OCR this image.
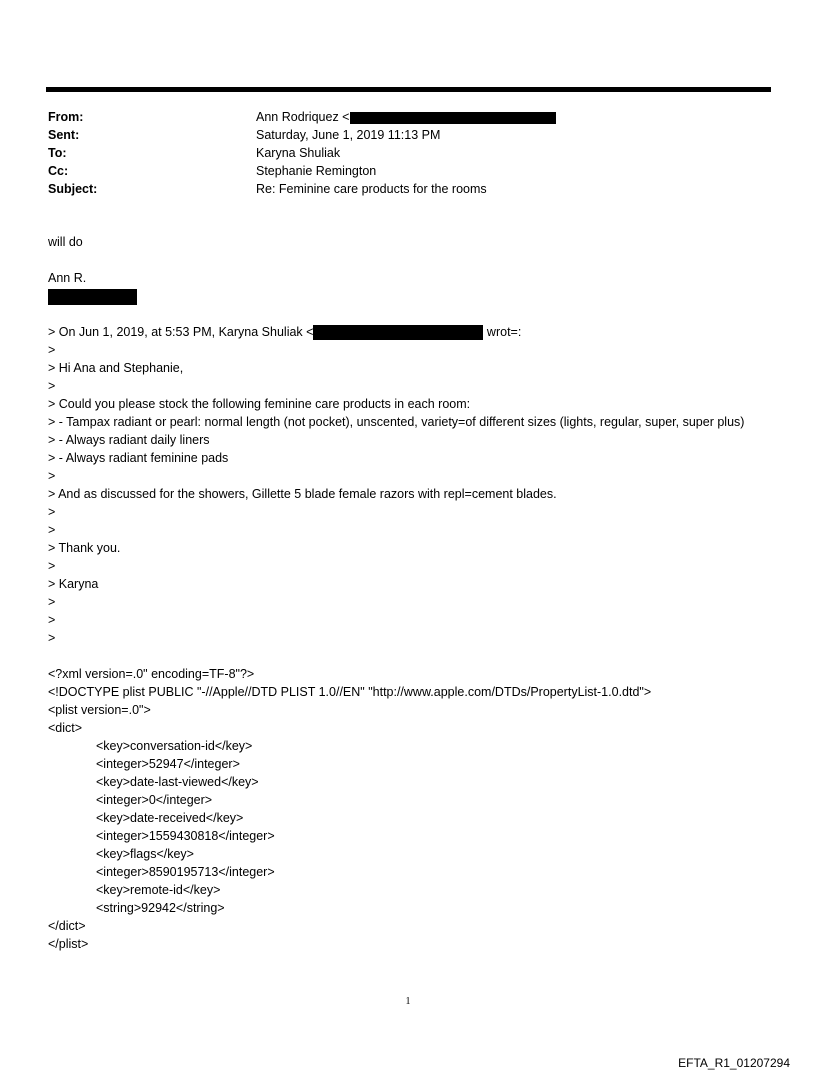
From:	Ann Rodriquez <
Sent:	Saturday, June 1, 2019 11:13 PM
To:	Karyna Shuliak
Cc:	Stephanie Remington
Subject:	Re: Feminine care products for the rooms
will do
Ann R.
> On Jun 1, 2019, at 5:53 PM, Karyna Shuliak <	wrot=:
>
> Hi Ana and Stephanie,
>
> Could you please stock the following feminine care products in each room:
> - Tampax radiant or pearl: normal length (not pocket), unscented, variety=of different sizes (lights, regular, super, super plus)
> - Always radiant daily liners
> - Always radiant feminine pads
>
> And as discussed for the showers, Gillette 5 blade female razors with repl=cement blades.
>
>
> Thank you.
>
> Karyna
>
>
>
<?xml version=.0" encoding=TF-8"?>
<!DOCTYPE plist PUBLIC "-//Apple//DTD PLIST 1.0//EN" "http://www.apple.com/DTDs/PropertyList-1.0.dtd">
<plist version=.0">
<dict>
<key>conversation-id</key>
<integer>52947</integer>
<key>date-last-viewed</key>
<integer>0</integer>
<key>date-received</key>
<integer>1559430818</integer>
<key>flags</key>
<integer>8590195713</integer>
<key>remote-id</key>
<string>92942</string>
</dict>
</plist>
1
EFTA_R1_01207294
